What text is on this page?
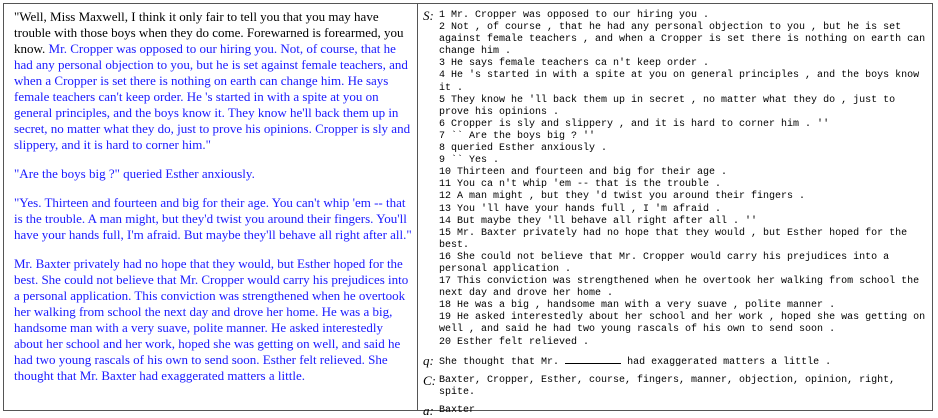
"Well, Miss Maxwell, I think it only fair to tell you that you may have trouble with those boys when they do come. Forewarned is forearmed, you know. Mr. Cropper was opposed to our hiring you. Not, of course, that he had any personal objection to you, but he is set against female teachers, and when a Cropper is set there is nothing on earth can change him. He says female teachers can't keep order. He 's started in with a spite at you on general principles, and the boys know it. They know he'll back them up in secret, no matter what they do, just to prove his opinions. Cropper is sly and slippery, and it is hard to corner him."

"Are the boys big ?" queried Esther anxiously.

"Yes. Thirteen and fourteen and big for their age. You can't whip 'em -- that is the trouble. A man might, but they'd twist you around their fingers. You'll have your hands full, I'm afraid. But maybe they'll behave all right after all."

Mr. Baxter privately had no hope that they would, but Esther hoped for the best. She could not believe that Mr. Cropper would carry his prejudices into a personal application. This conviction was strengthened when he overtook her walking from school the next day and drove her home. He was a big, handsome man with a very suave, polite manner. He asked interestedly about her school and her work, hoped she was getting on well, and said he had two young rascals of his own to send soon. Esther felt relieved. She thought that Mr. Baxter had exaggerated matters a little.

S: 1 Mr. Cropper was opposed to our hiring you .
2 Not , of course , that he had any personal objection to you , but he is set against female teachers , and when a Cropper is set there is nothing on earth can change him .
3 He says female teachers ca n't keep order .
4 He 's started in with a spite at you on general principles , and the boys know it .
5 They know he 'll back them up in secret , no matter what they do , just to prove his opinions .
6 Cropper is sly and slippery , and it is hard to corner him . ''
7 `` Are the boys big ? ''
8 queried Esther anxiously .
9 `` Yes .
10 Thirteen and fourteen and big for their age .
11 You ca n't whip 'em -- that is the trouble .
12 A man might , but they 'd twist you around their fingers .
13 You 'll have your hands full , I 'm afraid .
14 But maybe they 'll behave all right after all . ''
15 Mr. Baxter privately had no hope that they would , but Esther hoped for the best.
16 She could not believe that Mr. Cropper would carry his prejudices into a personal application .
17 This conviction was strengthened when he overtook her walking from school the next day and drove her home .
18 He was a big , handsome man with a very suave , polite manner .
19 He asked interestedly about her school and her work , hoped she was getting on well , and said he had two young rascals of his own to send soon .
20 Esther felt relieved .
q: She thought that Mr.	had exaggerated matters a little .
C: Baxter, Cropper, Esther, course, fingers, manner, objection, opinion, right, spite.
a: Baxter
